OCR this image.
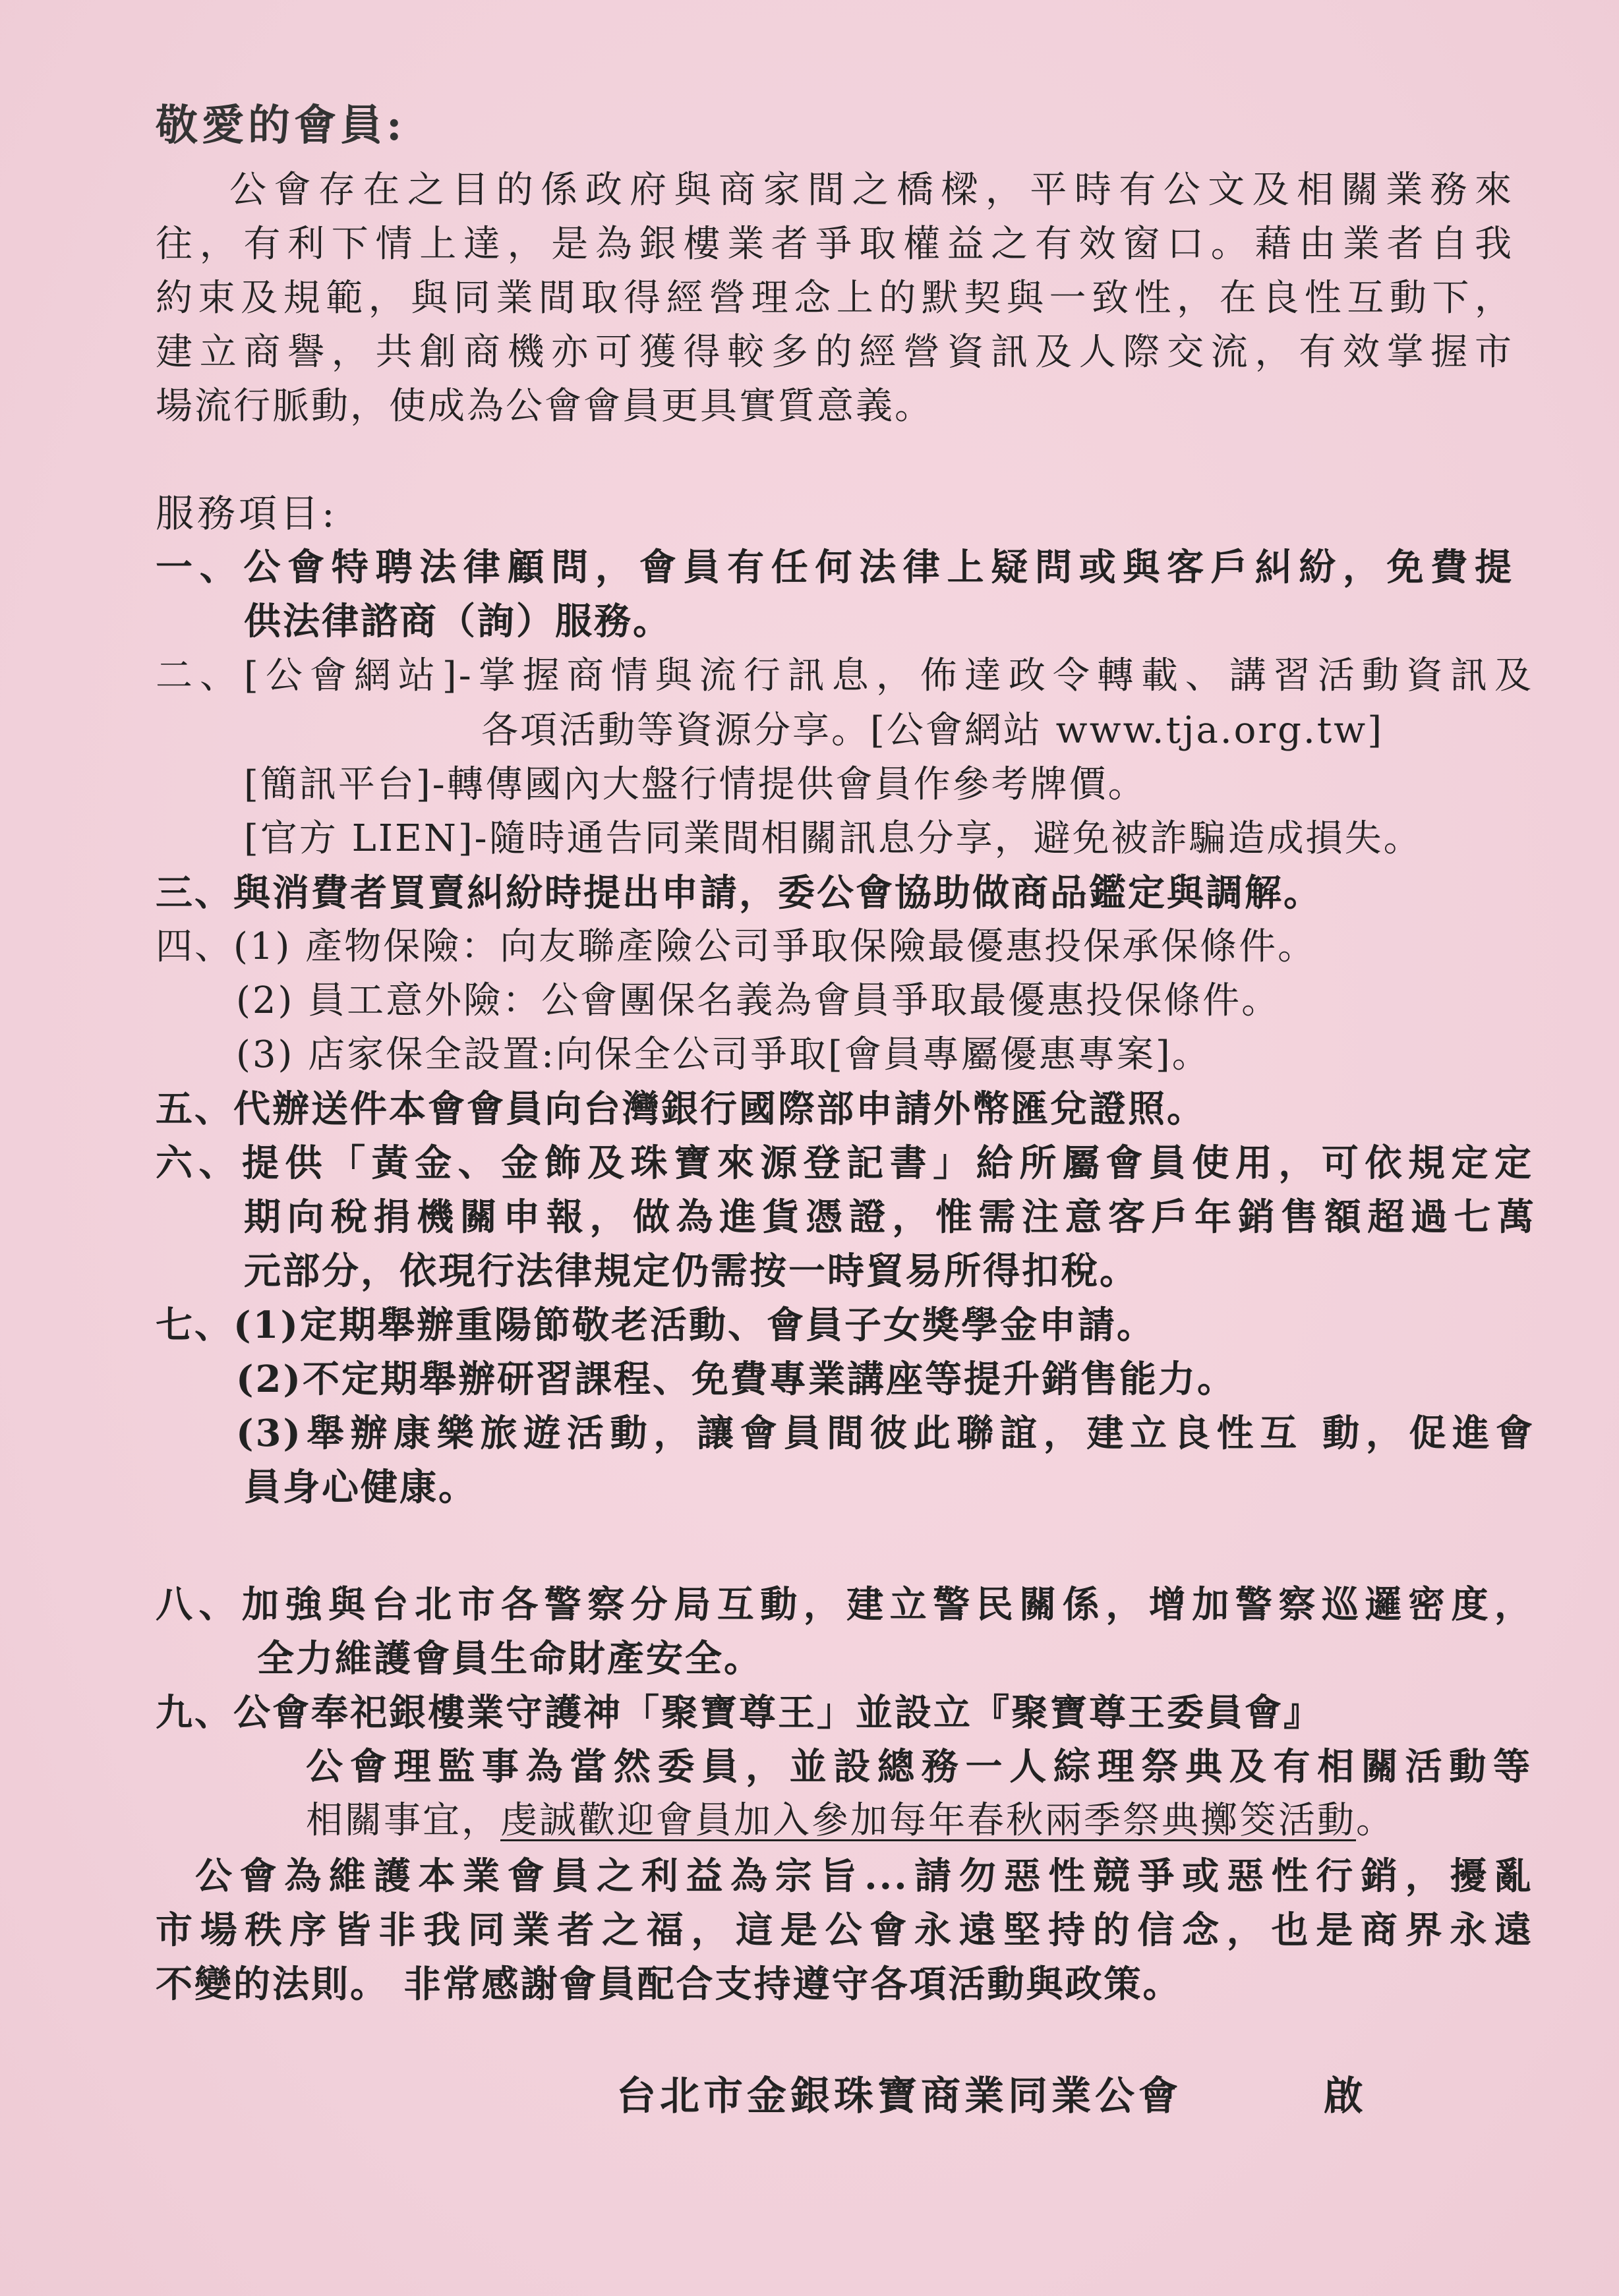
敬愛的會員:
公會存在之目的係政府與商家間之橋樑，平時有公文及相關業務來
往，有利下情上達，是為銀樓業者爭取權益之有效窗口。藉由業者自我
約束及規範，與同業間取得經營理念上的默契與一致性，在良性互動下，
建立商譽，共創商機亦可獲得較多的經營資訊及人際交流，有效掌握市
場流行脈動，使成為公會會員更具實質意義。
服務項目:
一、公會特聘法律顧問，會員有任何法律上疑問或與客戶糾紛，免費提
供法律諮商（詢）服務。
二、[公會網站]-掌握商情與流行訊息，佈達政令轉載、講習活動資訊及
各項活動等資源分享。[公會網站 www.tja.org.tw]
[簡訊平台]-轉傳國內大盤行情提供會員作參考牌價。
[官方 LIEN]-隨時通告同業間相關訊息分享，避免被詐騙造成損失。
三、與消費者買賣糾紛時提出申請，委公會協助做商品鑑定與調解。
四、(1) 產物保險：向友聯產險公司爭取保險最優惠投保承保條件。
(2) 員工意外險：公會團保名義為會員爭取最優惠投保條件。
(3) 店家保全設置:向保全公司爭取[會員專屬優惠專案]。
五、代辦送件本會會員向台灣銀行國際部申請外幣匯兌證照。
六、提供「黃金、金飾及珠寶來源登記書」給所屬會員使用，可依規定定
期向稅捐機關申報，做為進貨憑證，惟需注意客戶年銷售額超過七萬
元部分，依現行法律規定仍需按一時貿易所得扣稅。
七、(1)定期舉辦重陽節敬老活動、會員子女獎學金申請。
(2)不定期舉辦研習課程、免費專業講座等提升銷售能力。
(3)舉辦康樂旅遊活動，讓會員間彼此聯誼，建立良性互 動，促進會
員身心健康。
八、加強與台北市各警察分局互動，建立警民關係，增加警察巡邏密度，
全力維護會員生命財產安全。
九、公會奉祀銀樓業守護神「聚寶尊王」並設立『聚寶尊王委員會』
公會理監事為當然委員，並設總務一人綜理祭典及有相關活動等
相關事宜，虔誠歡迎會員加入參加每年春秋兩季祭典擲筊活動。
公會為維護本業會員之利益為宗旨...請勿惡性競爭或惡性行銷，擾亂
市場秩序皆非我同業者之福，這是公會永遠堅持的信念，也是商界永遠
不變的法則。 非常感謝會員配合支持遵守各項活動與政策。
台北市金銀珠寶商業同業公會	啟
